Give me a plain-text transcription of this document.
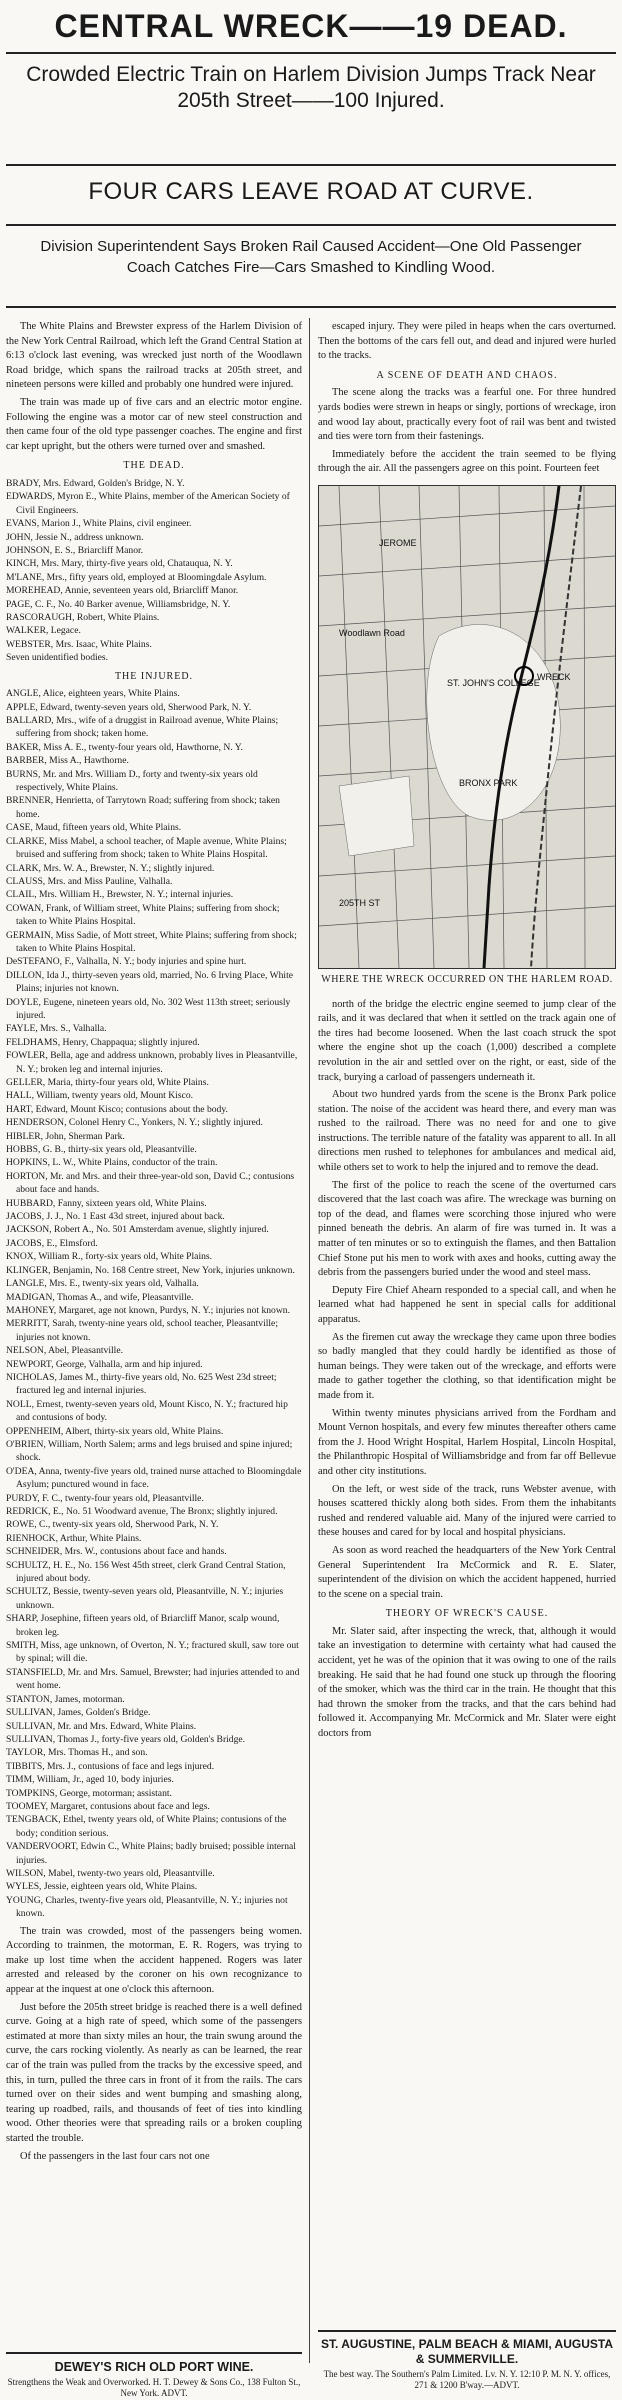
CENTRAL WRECK——19 DEAD.
Crowded Electric Train on Harlem Division Jumps Track Near 205th Street——100 Injured.
FOUR CARS LEAVE ROAD AT CURVE.
Division Superintendent Says Broken Rail Caused Accident—One Old Passenger Coach Catches Fire—Cars Smashed to Kindling Wood.

The White Plains and Brewster express of the Harlem Division of the New York Central Railroad, which left the Grand Central Station at 6:13 o'clock last evening, was wrecked just north of the Woodlawn Road bridge, which spans the railroad tracks at 205th street, and nineteen persons were killed and probably one hundred were injured.

The train was made up of five cars and an electric motor engine. Following the engine was a motor car of new steel construction and then came four of the old type passenger coaches. The engine and first car kept upright, but the others were turned over and smashed.

THE DEAD.

BRADY, Mrs. Edward, Golden's Bridge, N. Y.

EDWARDS, Myron E., White Plains, member of the American Society of Civil Engineers.

EVANS, Marion J., White Plains, civil engineer.

JOHN, Jessie N., address unknown.

JOHNSON, E. S., Briarcliff Manor.

KINCH, Mrs. Mary, thirty-five years old, Chatauqua, N. Y.

M'LANE, Mrs., fifty years old, employed at Bloomingdale Asylum.

MOREHEAD, Annie, seventeen years old, Briarcliff Manor.

PAGE, C. F., No. 40 Barker avenue, Williamsbridge, N. Y.

RASCORAUGH, Robert, White Plains.

WALKER, Legace.

WEBSTER, Mrs. Isaac, White Plains.

Seven unidentified bodies.

THE INJURED.

ANGLE, Alice, eighteen years, White Plains.

APPLE, Edward, twenty-seven years old, Sherwood Park, N. Y.

BALLARD, Mrs., wife of a druggist in Railroad avenue, White Plains; suffering from shock; taken home.

BAKER, Miss A. E., twenty-four years old, Hawthorne, N. Y.

BARBER, Miss A., Hawthorne.

BURNS, Mr. and Mrs. William D., forty and twenty-six years old respectively, White Plains.

BRENNER, Henrietta, of Tarrytown Road; suffering from shock; taken home.

CASE, Maud, fifteen years old, White Plains.

CLARKE, Miss Mabel, a school teacher, of Maple avenue, White Plains; bruised and suffering from shock; taken to White Plains Hospital.

CLARK, Mrs. W. A., Brewster, N. Y.; slightly injured.

CLAUSS, Mrs. and Miss Pauline, Valhalla.

CLAIL, Mrs. William H., Brewster, N. Y.; internal injuries.

COWAN, Frank, of William street, White Plains; suffering from shock; taken to White Plains Hospital.

GERMAIN, Miss Sadie, of Mott street, White Plains; suffering from shock; taken to White Plains Hospital.

DeSTEFANO, F., Valhalla, N. Y.; body injuries and spine hurt.

DILLON, Ida J., thirty-seven years old, married, No. 6 Irving Place, White Plains; injuries not known.

DOYLE, Eugene, nineteen years old, No. 302 West 113th street; seriously injured.

FAYLE, Mrs. S., Valhalla.

FELDHAMS, Henry, Chappaqua; slightly injured.

FOWLER, Bella, age and address unknown, probably lives in Pleasantville, N. Y.; broken leg and internal injuries.

GELLER, Maria, thirty-four years old, White Plains.

HALL, William, twenty years old, Mount Kisco.

HART, Edward, Mount Kisco; contusions about the body.

HENDERSON, Colonel Henry C., Yonkers, N. Y.; slightly injured.

HIBLER, John, Sherman Park.

HOBBS, G. B., thirty-six years old, Pleasantville.

HOPKINS, L. W., White Plains, conductor of the train.

HORTON, Mr. and Mrs. and their three-year-old son, David C.; contusions about face and hands.

HUBBARD, Fanny, sixteen years old, White Plains.

JACOBS, J. J., No. 1 East 43d street, injured about back.

JACKSON, Robert A., No. 501 Amsterdam avenue, slightly injured.

JACOBS, E., Elmsford.

KNOX, William R., forty-six years old, White Plains.

KLINGER, Benjamin, No. 168 Centre street, New York, injuries unknown.

LANGLE, Mrs. E., twenty-six years old, Valhalla.

MADIGAN, Thomas A., and wife, Pleasantville.

MAHONEY, Margaret, age not known, Purdys, N. Y.; injuries not known.

MERRITT, Sarah, twenty-nine years old, school teacher, Pleasantville; injuries not known.

NELSON, Abel, Pleasantville.

NEWPORT, George, Valhalla, arm and hip injured.

NICHOLAS, James M., thirty-five years old, No. 625 West 23d street; fractured leg and internal injuries.

NOLL, Ernest, twenty-seven years old, Mount Kisco, N. Y.; fractured hip and contusions of body.

OPPENHEIM, Albert, thirty-six years old, White Plains.

O'BRIEN, William, North Salem; arms and legs bruised and spine injured; shock.

O'DEA, Anna, twenty-five years old, trained nurse attached to Bloomingdale Asylum; punctured wound in face.

PURDY, F. C., twenty-four years old, Pleasantville.

REDRICK, E., No. 51 Woodward avenue, The Bronx; slightly injured.

ROWE, C., twenty-six years old, Sherwood Park, N. Y.

RIENHOCK, Arthur, White Plains.

SCHNEIDER, Mrs. W., contusions about face and hands.

SCHULTZ, H. E., No. 156 West 45th street, clerk Grand Central Station, injured about body.

SCHULTZ, Bessie, twenty-seven years old, Pleasantville, N. Y.; injuries unknown.

SHARP, Josephine, fifteen years old, of Briarcliff Manor, scalp wound, broken leg.

SMITH, Miss, age unknown, of Overton, N. Y.; fractured skull, saw tore out by spinal; will die.

STANSFIELD, Mr. and Mrs. Samuel, Brewster; had injuries attended to and went home.

STANTON, James, motorman.

SULLIVAN, James, Golden's Bridge.

SULLIVAN, Mr. and Mrs. Edward, White Plains.

SULLIVAN, Thomas J., forty-five years old, Golden's Bridge.

TAYLOR, Mrs. Thomas H., and son.

TIBBITS, Mrs. J., contusions of face and legs injured.

TIMM, William, Jr., aged 10, body injuries.

TOMPKINS, George, motorman; assistant.

TOOMEY, Margaret, contusions about face and legs.

TENGBACK, Ethel, twenty years old, of White Plains; contusions of the body; condition serious.

VANDERVOORT, Edwin C., White Plains; badly bruised; possible internal injuries.

WILSON, Mabel, twenty-two years old, Pleasantville.

WYLES, Jessie, eighteen years old, White Plains.

YOUNG, Charles, twenty-five years old, Pleasantville, N. Y.; injuries not known.

The train was crowded, most of the passengers being women. According to trainmen, the motorman, E. R. Rogers, was trying to make up lost time when the accident happened. Rogers was later arrested and released by the coroner on his own recognizance to appear at the inquest at one o'clock this afternoon.

Just before the 205th street bridge is reached there is a well defined curve. Going at a high rate of speed, which some of the passengers estimated at more than sixty miles an hour, the train swung around the curve, the cars rocking violently. As nearly as can be learned, the rear car of the train was pulled from the tracks by the excessive speed, and this, in turn, pulled the three cars in front of it from the rails. The cars turned over on their sides and went bumping and smashing along, tearing up roadbed, rails, and thousands of feet of ties into kindling wood. Other theories were that spreading rails or a broken coupling started the trouble.

Of the passengers in the last four cars not one

escaped injury. They were piled in heaps when the cars overturned. Then the bottoms of the cars fell out, and dead and injured were hurled to the tracks.

A SCENE OF DEATH AND CHAOS.

The scene along the tracks was a fearful one. For three hundred yards bodies were strewn in heaps or singly, portions of wreckage, iron and wood lay about, practically every foot of rail was bent and twisted and ties were torn from their fastenings.

Immediately before the accident the train seemed to be flying through the air. All the passengers agree on this point. Fourteen feet

JEROME
ST. JOHN'S COLLEGE
BRONX PARK
WRECK
Woodlawn Road
205TH ST
WHERE THE WRECK OCCURRED ON THE HARLEM ROAD.

north of the bridge the electric engine seemed to jump clear of the rails, and it was declared that when it settled on the track again one of the tires had become loosened. When the last coach struck the spot where the engine shot up the coach (1,000) described a complete revolution in the air and settled over on the right, or east, side of the track, burying a carload of passengers underneath it.

About two hundred yards from the scene is the Bronx Park police station. The noise of the accident was heard there, and every man was rushed to the railroad. There was no need for and one to give instructions. The terrible nature of the fatality was apparent to all. In all directions men rushed to telephones for ambulances and medical aid, while others set to work to help the injured and to remove the dead.

The first of the police to reach the scene of the overturned cars discovered that the last coach was afire. The wreckage was burning on top of the dead, and flames were scorching those injured who were pinned beneath the debris. An alarm of fire was turned in. It was a matter of ten minutes or so to extinguish the flames, and then Battalion Chief Stone put his men to work with axes and hooks, cutting away the debris from the passengers buried under the wood and steel mass.

Deputy Fire Chief Ahearn responded to a special call, and when he learned what had happened he sent in special calls for additional apparatus.

As the firemen cut away the wreckage they came upon three bodies so badly mangled that they could hardly be identified as those of human beings. They were taken out of the wreckage, and efforts were made to gather together the clothing, so that identification might be made from it.

Within twenty minutes physicians arrived from the Fordham and Mount Vernon hospitals, and every few minutes thereafter others came from the J. Hood Wright Hospital, Harlem Hospital, Lincoln Hospital, the Philanthropic Hospital of Williamsbridge and from far off Bellevue and other city institutions.

On the left, or west side of the track, runs Webster avenue, with houses scattered thickly along both sides. From them the inhabitants rushed and rendered valuable aid. Many of the injured were carried to these houses and cared for by local and hospital physicians.

As soon as word reached the headquarters of the New York Central General Superintendent Ira McCormick and R. E. Slater, superintendent of the division on which the accident happened, hurried to the scene on a special train.

THEORY OF WRECK'S CAUSE.

Mr. Slater said, after inspecting the wreck, that, although it would take an investigation to determine with certainty what had caused the accident, yet he was of the opinion that it was owing to one of the rails breaking. He said that he had found one stuck up through the flooring of the smoker, which was the third car in the train. He thought that this had thrown the smoker from the tracks, and that the cars behind had followed it. Accompanying Mr. McCormick and Mr. Slater were eight doctors from

DEWEY'S RICH OLD PORT WINE.
Strengthens the Weak and Overworked. H. T. Dewey & Sons Co., 138 Fulton St., New York. ADVT.
ST. AUGUSTINE, PALM BEACH & MIAMI, AUGUSTA & SUMMERVILLE.
The best way. The Southern's Palm Limited. Lv. N. Y. 12:10 P. M. N. Y. offices, 271 & 1200 B'way.—ADVT.
